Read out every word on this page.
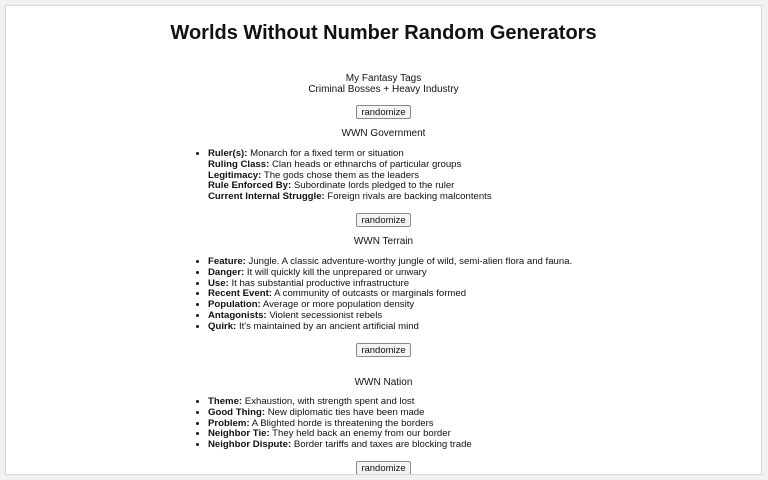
Worlds Without Number Random Generators
My Fantasy Tags
Criminal Bosses + Heavy Industry
randomize
WWN Government
• Ruler(s): Monarch for a fixed term or situation
Ruling Class: Clan heads or ethnarchs of particular groups
Legitimacy: The gods chose them as the leaders
Rule Enforced By: Subordinate lords pledged to the ruler
Current Internal Struggle: Foreign rivals are backing malcontents
randomize
WWN Terrain
• Feature: Jungle. A classic adventure-worthy jungle of wild, semi-alien flora and fauna.
• Danger: It will quickly kill the unprepared or unwary
• Use: It has substantial productive infrastructure
• Recent Event: A community of outcasts or marginals formed
• Population: Average or more population density
• Antagonists: Violent secessionist rebels
• Quirk: It's maintained by an ancient artificial mind
randomize
WWN Nation
• Theme: Exhaustion, with strength spent and lost
• Good Thing: New diplomatic ties have been made
• Problem: A Blighted horde is threatening the borders
• Neighbor Tie: They held back an enemy from our border
• Neighbor Dispute: Border tariffs and taxes are blocking trade
randomize
